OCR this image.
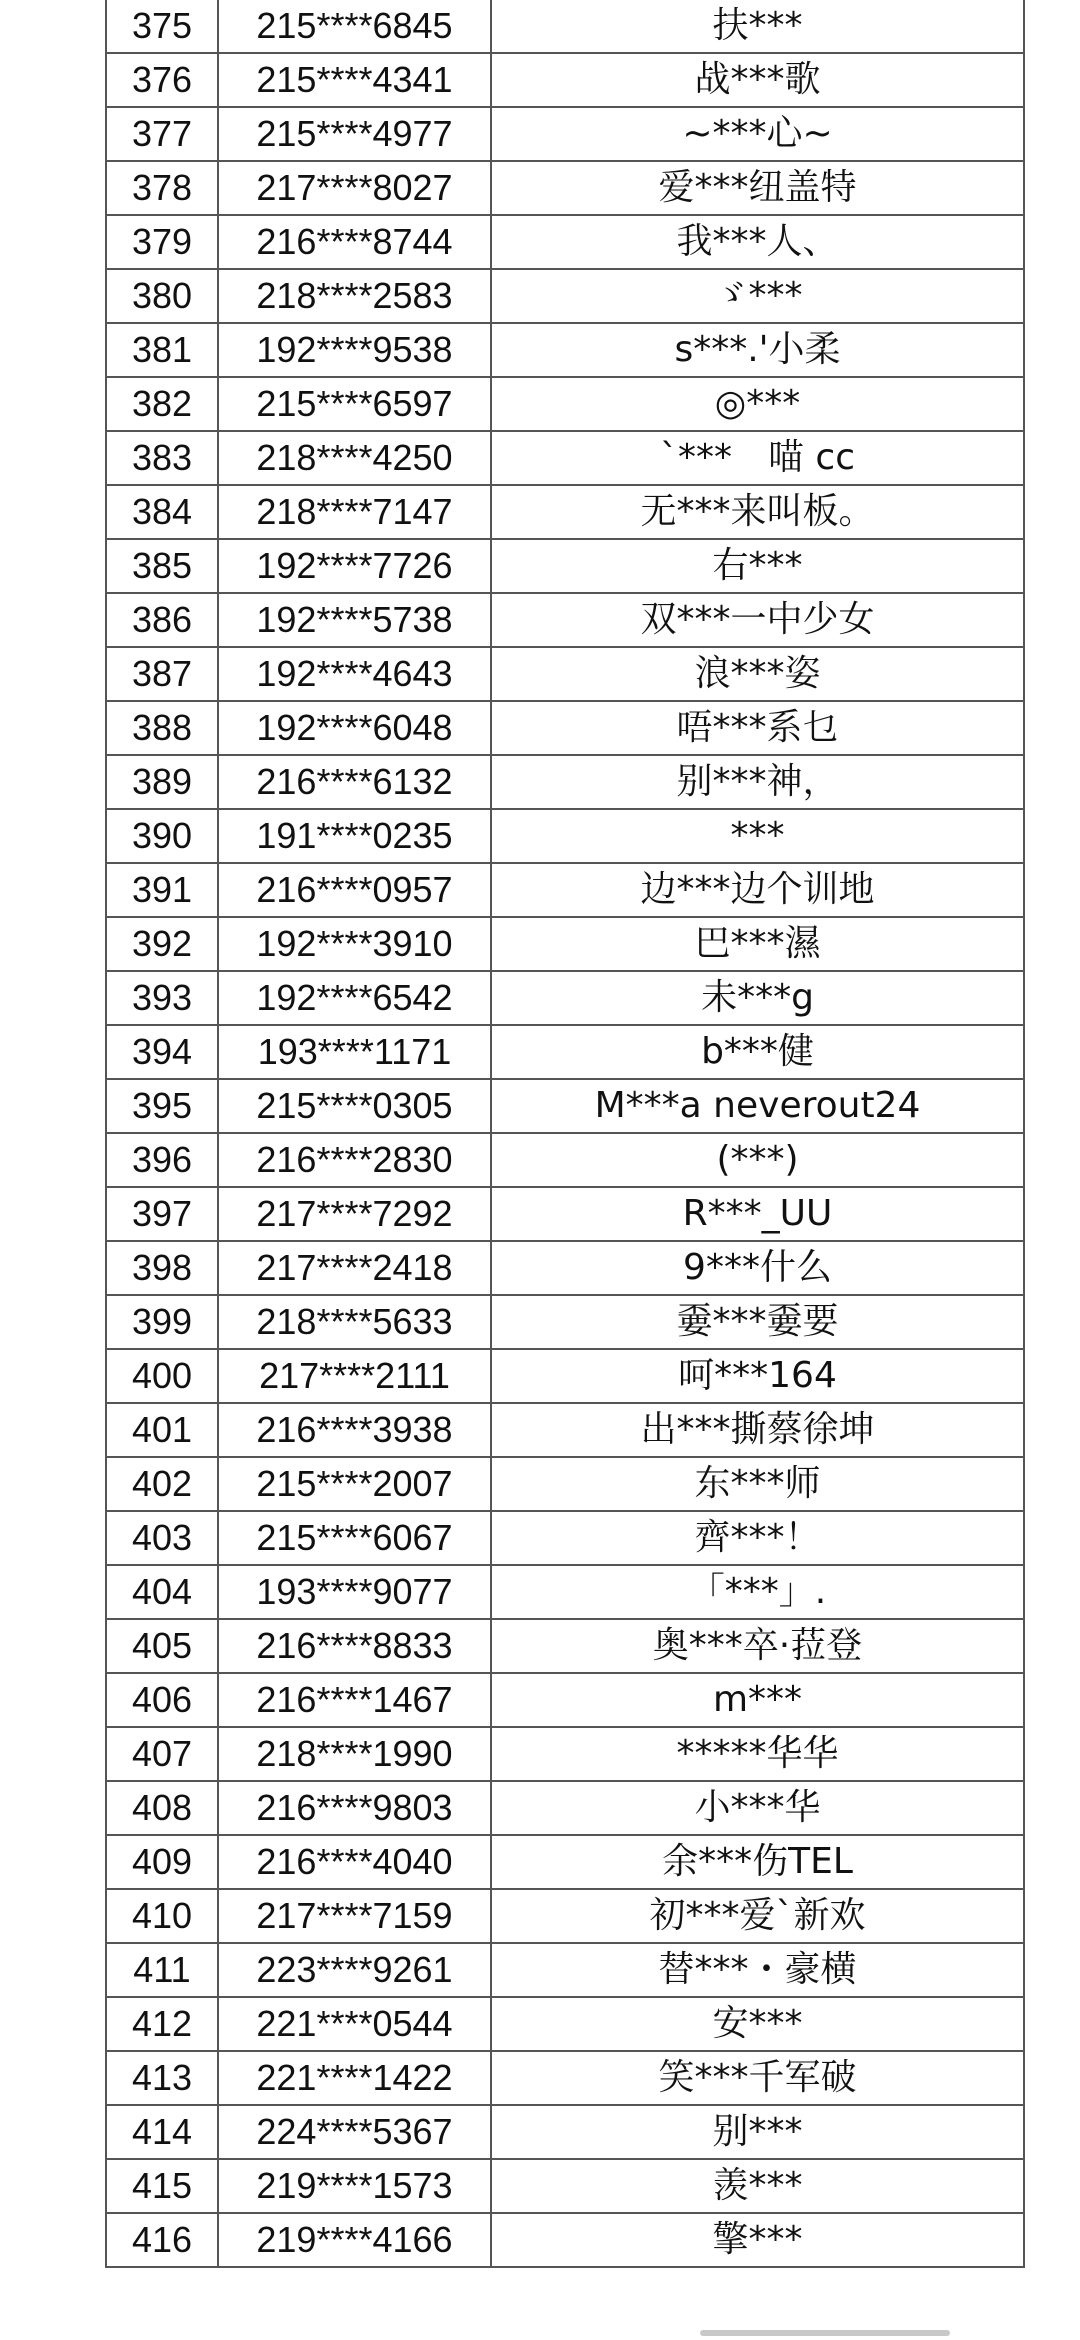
375	215****6845	扶***
376	215****4341	战***歌
377	215****4977	~***心~
378	217****8027	爱***纽盖特
379	216****8744	我***人、
380	218****2583	ゞ***
381	192****9538	s***.'小柔
382	215****6597	◎***
383	218****4250	`***　喵 cc
384	218****7147	无***来叫板。
385	192****7726	右***
386	192****5738	双***一中少女
387	192****4643	浪***姿
388	192****6048	唔***系乜
389	216****6132	别***神，
390	191****0235	***
391	216****0957	边***边个训地
392	192****3910	巴***濕
393	192****6542	未***g
394	193****1171	b***健
395	215****0305	M***a neverout24
396	216****2830	(***)
397	217****7292	R***_UU
398	217****2418	9***什么
399	218****5633	嫑***嫑要
400	217****2111	呵***164
401	216****3938	出***撕蔡徐坤
402	215****2007	东***师
403	215****6067	齊***！
404	193****9077	「***」.
405	216****8833	奥***卒·菈登
406	216****1467	m***
407	218****1990	*****华华
408	216****9803	小***华
409	216****4040	余***伤TEL
410	217****7159	初***爱`新欢
411	223****9261	替***・豪横
412	221****0544	安***
413	221****1422	笑***千军破
414	224****5367	别***
415	219****1573	羡***
416	219****4166	擎***
